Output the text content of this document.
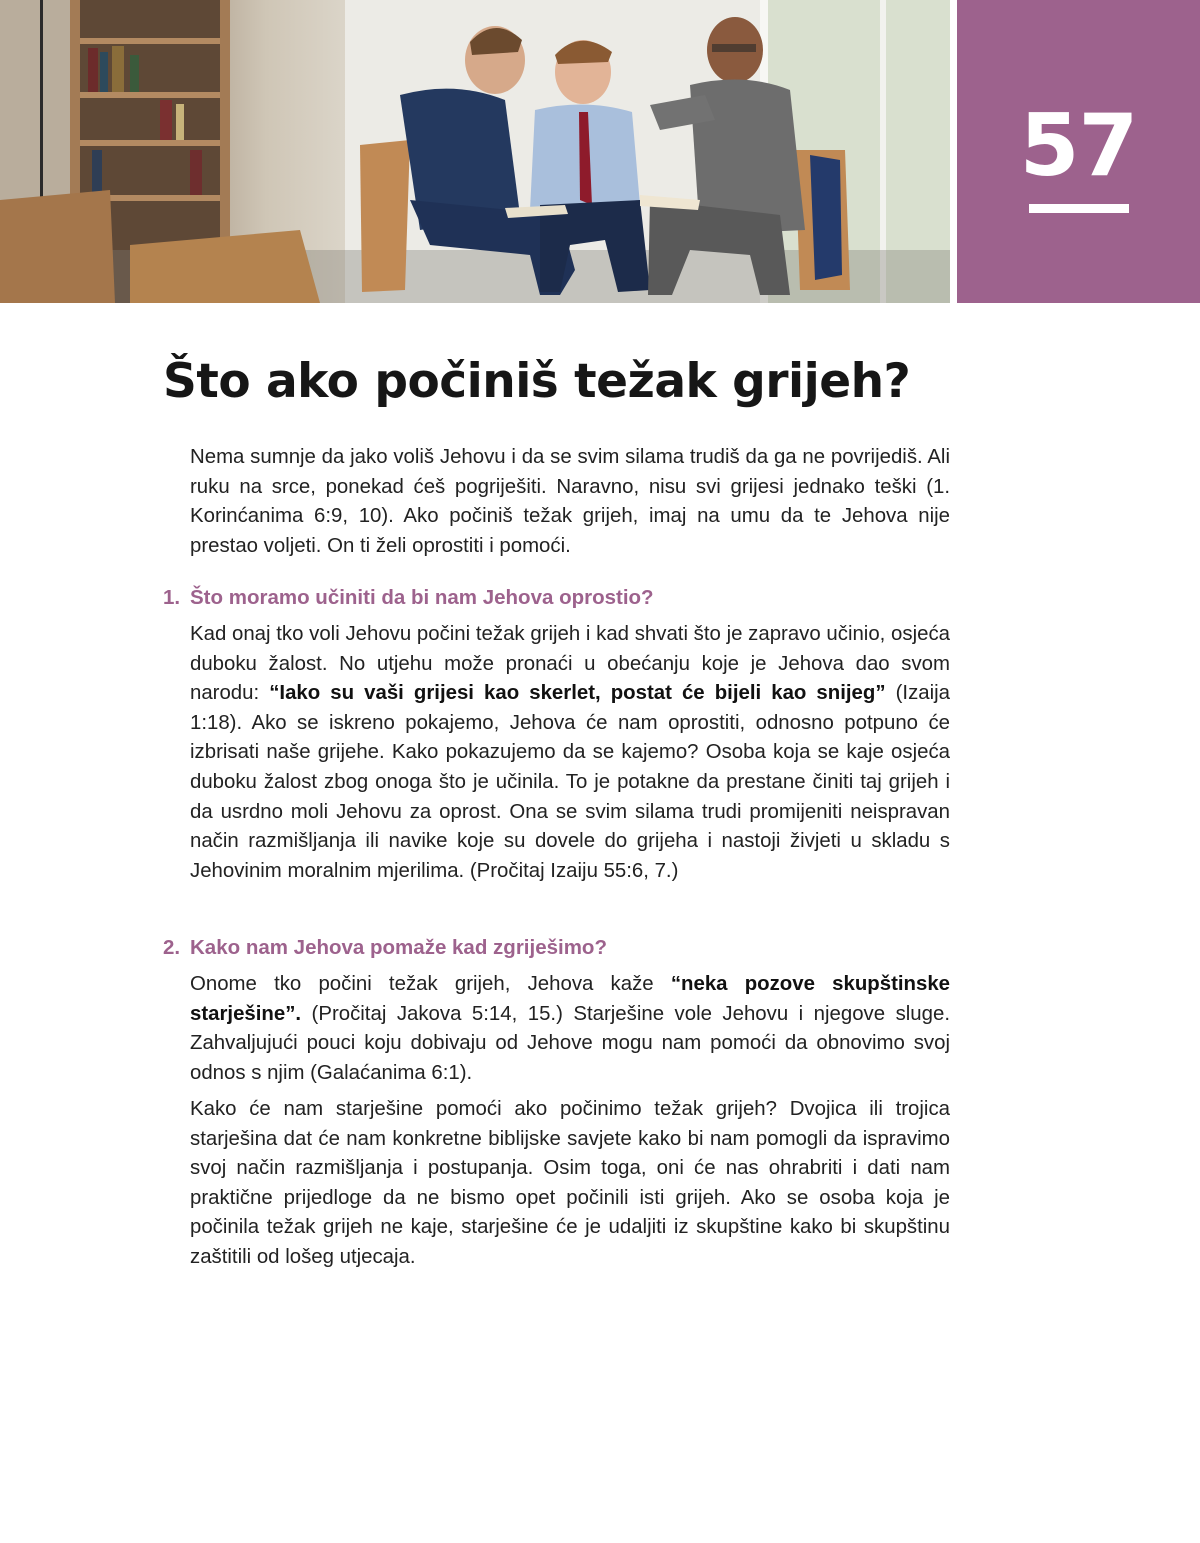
57
Što ako počiniš težak grijeh?

Nema sumnje da jako voliš Jehovu i da se svim silama trudiš da ga ne povrijediš. Ali ruku na srce, ponekad ćeš pogriješiti. Naravno, nisu svi grijesi jednako teški (1. Korinćanima 6:9, 10). Ako počiniš težak grijeh, imaj na umu da te Jehova nije prestao voljeti. On ti želi oprostiti i pomoći.

1. Što moramo učiniti da bi nam Jehova oprostio?

Kad onaj tko voli Jehovu počini težak grijeh i kad shvati što je zapravo učinio, osjeća duboku žalost. No utjehu može pronaći u obećanju koje je Jehova dao svom narodu: “Iako su vaši grijesi kao skerlet, postat će bijeli kao snijeg” (Izaija 1:18). Ako se iskreno pokajemo, Jehova će nam oprostiti, odnosno potpuno će izbrisati naše grijehe. Kako pokazujemo da se kajemo? Osoba koja se kaje osjeća duboku žalost zbog onoga što je učinila. To je potakne da prestane činiti taj grijeh i da usrdno moli Jehovu za oprost. Ona se svim silama trudi promijeniti neispravan način razmišljanja ili navike koje su dovele do grijeha i nastoji živjeti u skladu s Jehovinim moralnim mjerilima. (Pročitaj Izaiju 55:6, 7.)

2. Kako nam Jehova pomaže kad zgriješimo?

Onome tko počini težak grijeh, Jehova kaže “neka pozove skupštinske starješine”. (Pročitaj Jakova 5:14, 15.) Starješine vole Jehovu i njegove sluge. Zahvaljujući pouci koju dobivaju od Jehove mogu nam pomoći da obnovimo svoj odnos s njim (Galaćanima 6:1).

Kako će nam starješine pomoći ako počinimo težak grijeh? Dvojica ili trojica starješina dat će nam konkretne biblijske savjete kako bi nam pomogli da ispravimo svoj način razmišljanja i postupanja. Osim toga, oni će nas ohrabriti i dati nam praktične prijedloge da ne bismo opet počinili isti grijeh. Ako se osoba koja je počinila težak grijeh ne kaje, starješine će je udaljiti iz skupštine kako bi skupštinu zaštitili od lošeg utjecaja.
